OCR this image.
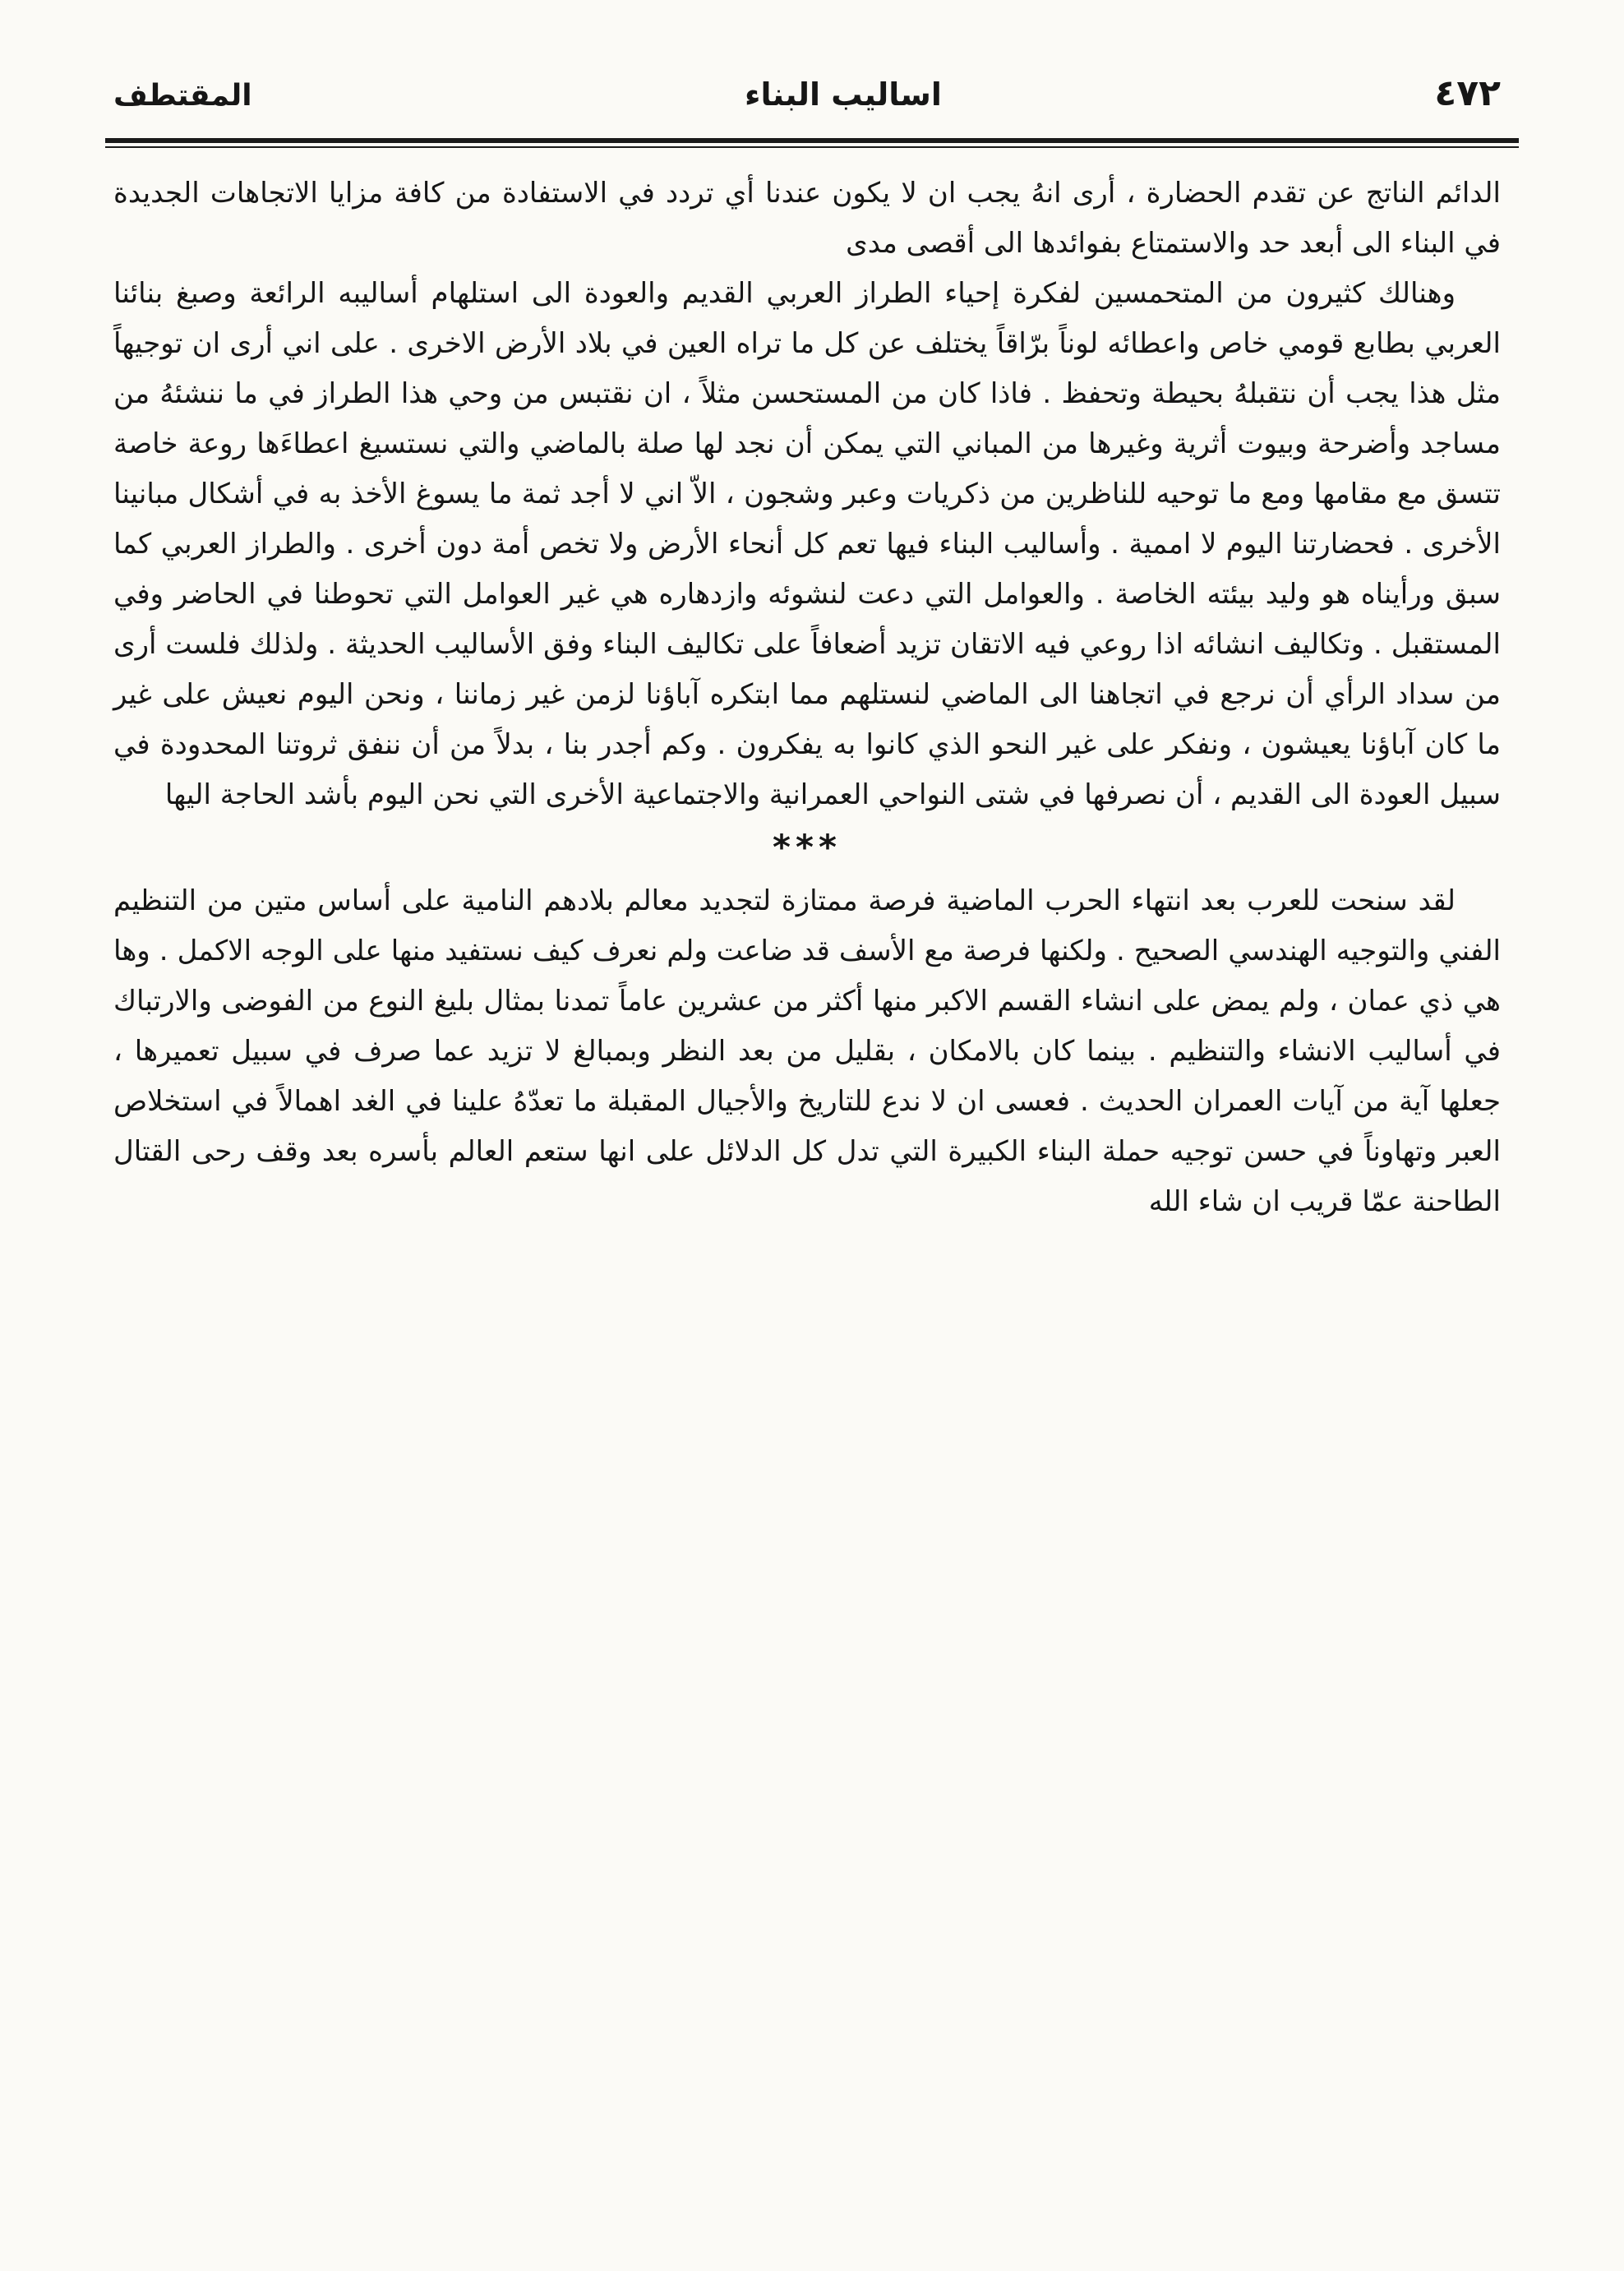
٤٧٢
اساليب البناء
المقتطف

الدائم الناتج عن تقدم الحضارة ، أرى انهُ يجب ان لا يكون عندنا أي تردد في الاستفادة من كافة مزايا الاتجاهات الجديدة في البناء الى أبعد حد والاستمتاع بفوائدها الى أقصى مدى

وهنالك كثيرون من المتحمسين لفكرة إحياء الطراز العربي القديم والعودة الى استلهام أساليبه الرائعة وصبغ بنائنا العربي بطابع قومي خاص واعطائه لوناً برّاقاً يختلف عن كل ما تراه العين في بلاد الأرض الاخرى . على اني أرى ان توجيهاً مثل هذا يجب أن نتقبلهُ بحيطة وتحفظ . فاذا كان من المستحسن مثلاً ، ان نقتبس من وحي هذا الطراز في ما ننشئهُ من مساجد وأضرحة وبيوت أثرية وغيرها من المباني التي يمكن أن نجد لها صلة بالماضي والتي نستسيغ اعطاءَها روعة خاصة تتسق مع مقامها ومع ما توحيه للناظرين من ذكريات وعبر وشجون ، الاّ اني لا أجد ثمة ما يسوغ الأخذ به في أشكال مبانينا الأخرى . فحضارتنا اليوم لا اممية . وأساليب البناء فيها تعم كل أنحاء الأرض ولا تخص أمة دون أخرى . والطراز العربي كما سبق ورأيناه هو وليد بيئته الخاصة . والعوامل التي دعت لنشوئه وازدهاره هي غير العوامل التي تحوطنا في الحاضر وفي المستقبل . وتكاليف انشائه اذا روعي فيه الاتقان تزيد أضعافاً على تكاليف البناء وفق الأساليب الحديثة . ولذلك فلست أرى من سداد الرأي أن نرجع في اتجاهنا الى الماضي لنستلهم مما ابتكره آباؤنا لزمن غير زماننا ، ونحن اليوم نعيش على غير ما كان آباؤنا يعيشون ، ونفكر على غير النحو الذي كانوا به يفكرون . وكم أجدر بنا ، بدلاً من أن ننفق ثروتنا المحدودة في سبيل العودة الى القديم ، أن نصرفها في شتى النواحي العمرانية والاجتماعية الأخرى التي نحن اليوم بأشد الحاجة اليها

***

لقد سنحت للعرب بعد انتهاء الحرب الماضية فرصة ممتازة لتجديد معالم بلادهم النامية على أساس متين من التنظيم الفني والتوجيه الهندسي الصحيح . ولكنها فرصة مع الأسف قد ضاعت ولم نعرف كيف نستفيد منها على الوجه الاكمل . وها هي ذي عمان ، ولم يمض على انشاء القسم الاكبر منها أكثر من عشرين عاماً تمدنا بمثال بليغ النوع من الفوضى والارتباك في أساليب الانشاء والتنظيم . بينما كان بالامكان ، بقليل من بعد النظر وبمبالغ لا تزيد عما صرف في سبيل تعميرها ، جعلها آية من آيات العمران الحديث . فعسى ان لا ندع للتاريخ والأجيال المقبلة ما تعدّهُ علينا في الغد اهمالاً في استخلاص العبر وتهاوناً في حسن توجيه حملة البناء الكبيرة التي تدل كل الدلائل على انها ستعم العالم بأسره بعد وقف رحى القتال الطاحنة عمّا قريب ان شاء الله
